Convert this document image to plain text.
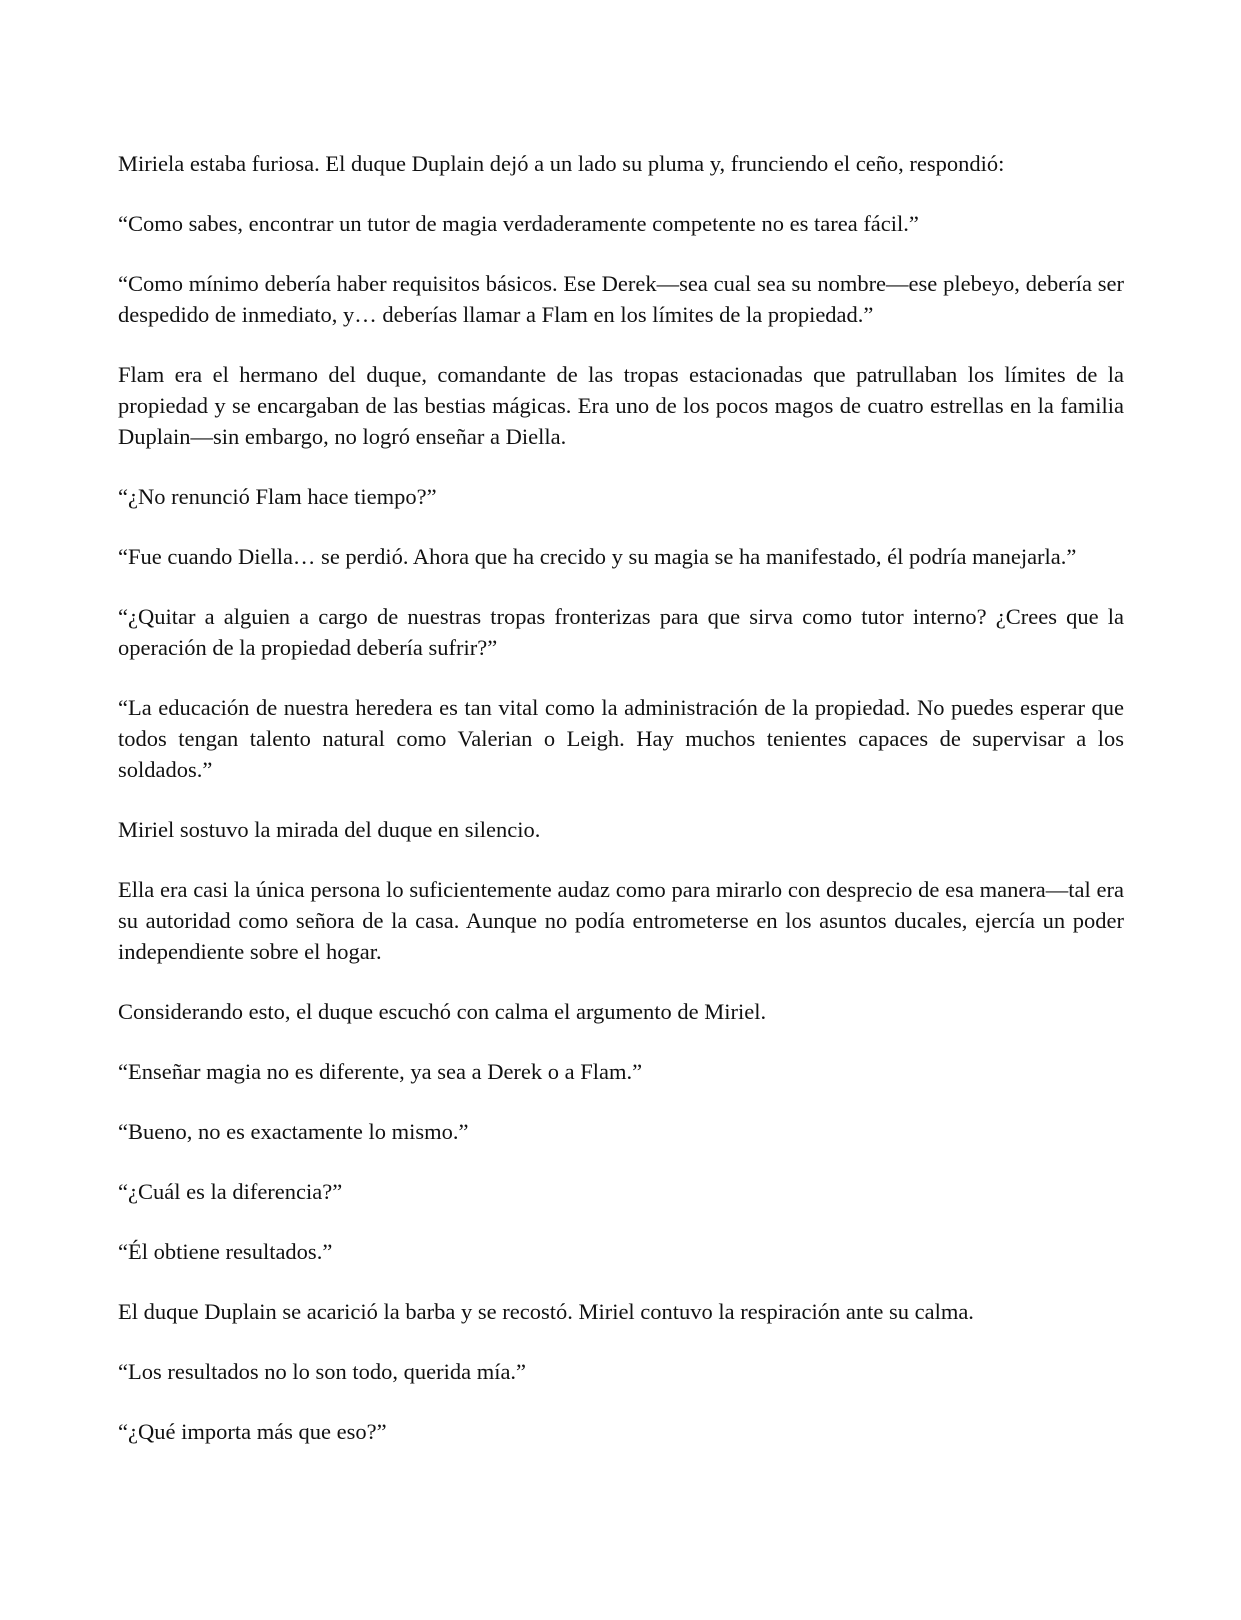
Miriela estaba furiosa. El duque Duplain dejó a un lado su pluma y, frunciendo el ceño, respondió:

“Como sabes, encontrar un tutor de magia verdaderamente competente no es tarea fácil.”

“Como mínimo debería haber requisitos básicos. Ese Derek—sea cual sea su nombre—ese plebeyo, debería ser despedido de inmediato, y… deberías llamar a Flam en los límites de la propiedad.”

Flam era el hermano del duque, comandante de las tropas estacionadas que patrullaban los límites de la propiedad y se encargaban de las bestias mágicas. Era uno de los pocos magos de cuatro estrellas en la familia Duplain—sin embargo, no logró enseñar a Diella.

“¿No renunció Flam hace tiempo?”

“Fue cuando Diella… se perdió. Ahora que ha crecido y su magia se ha manifestado, él podría manejarla.”

“¿Quitar a alguien a cargo de nuestras tropas fronterizas para que sirva como tutor interno? ¿Crees que la operación de la propiedad debería sufrir?”

“La educación de nuestra heredera es tan vital como la administración de la propiedad. No puedes esperar que todos tengan talento natural como Valerian o Leigh. Hay muchos tenientes capaces de supervisar a los soldados.”

Miriel sostuvo la mirada del duque en silencio.

Ella era casi la única persona lo suficientemente audaz como para mirarlo con desprecio de esa manera—tal era su autoridad como señora de la casa. Aunque no podía entrometerse en los asuntos ducales, ejercía un poder independiente sobre el hogar.

Considerando esto, el duque escuchó con calma el argumento de Miriel.

“Enseñar magia no es diferente, ya sea a Derek o a Flam.”

“Bueno, no es exactamente lo mismo.”

“¿Cuál es la diferencia?”

“Él obtiene resultados.”

El duque Duplain se acarició la barba y se recostó. Miriel contuvo la respiración ante su calma.

“Los resultados no lo son todo, querida mía.”

“¿Qué importa más que eso?”
